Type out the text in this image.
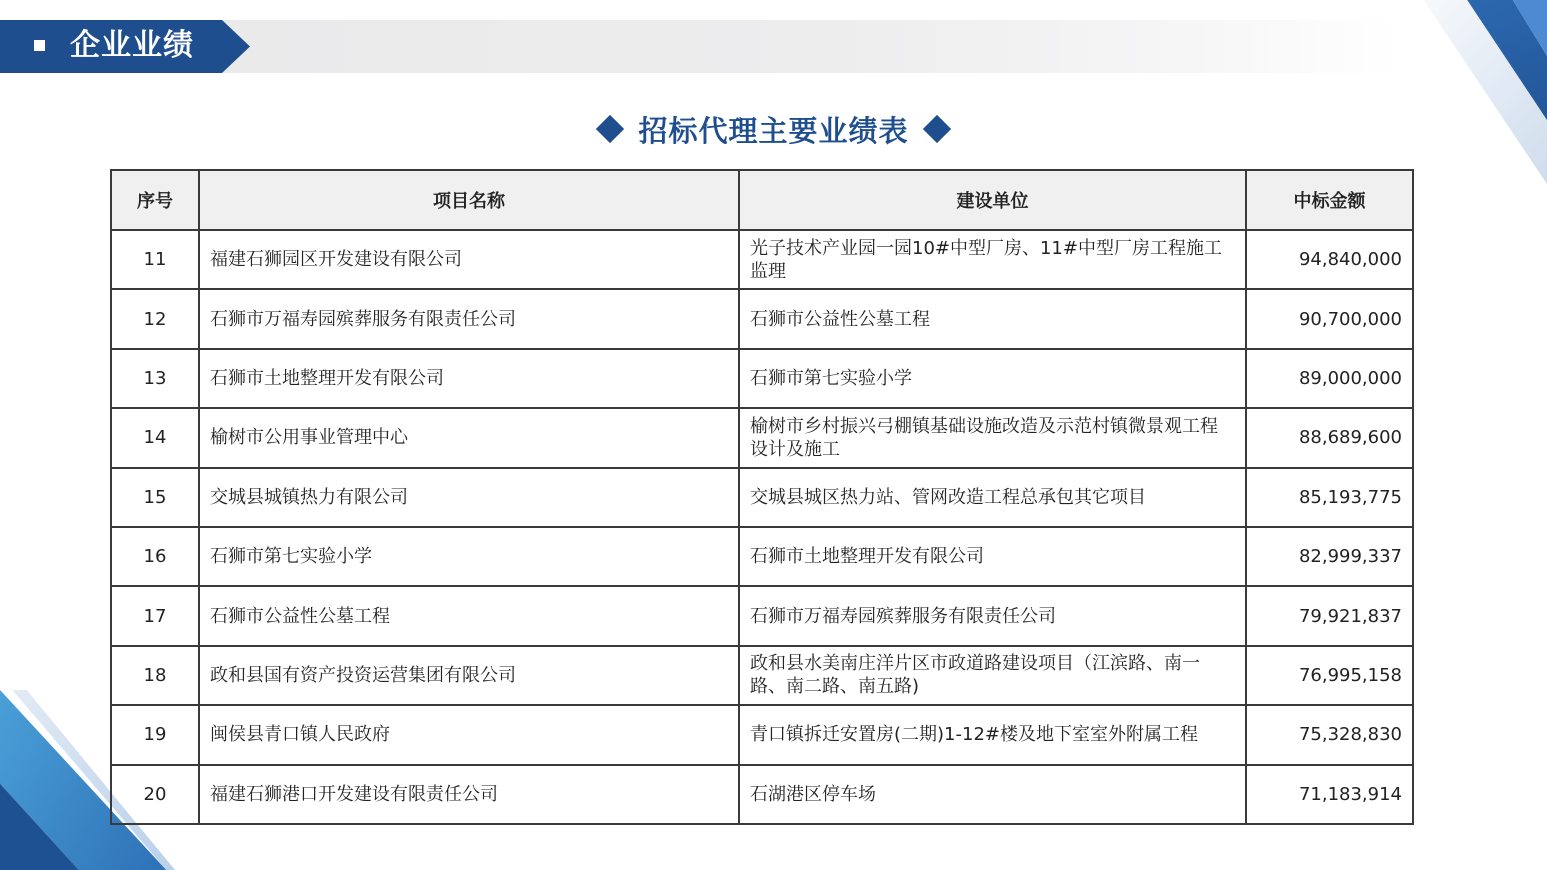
企业业绩
招标代理主要业绩表
序号	项目名称	建设单位	中标金额
11	福建石狮园区开发建设有限公司	光子技术产业园一园10#中型厂房、11#中型厂房工程施工监理	94,840,000
12	石狮市万福寿园殡葬服务有限责任公司	石狮市公益性公墓工程	90,700,000
13	石狮市土地整理开发有限公司	石狮市第七实验小学	89,000,000
14	榆树市公用事业管理中心	榆树市乡村振兴弓棚镇基础设施改造及示范村镇微景观工程设计及施工	88,689,600
15	交城县城镇热力有限公司	交城县城区热力站、管网改造工程总承包其它项目	85,193,775
16	石狮市第七实验小学	石狮市土地整理开发有限公司	82,999,337
17	石狮市公益性公墓工程	石狮市万福寿园殡葬服务有限责任公司	79,921,837
18	政和县国有资产投资运营集团有限公司	政和县水美南庄洋片区市政道路建设项目（江滨路、南一路、南二路、南五路)	76,995,158
19	闽侯县青口镇人民政府	青口镇拆迁安置房(二期)1-12#楼及地下室室外附属工程	75,328,830
20	福建石狮港口开发建设有限责任公司	石湖港区停车场	71,183,914
